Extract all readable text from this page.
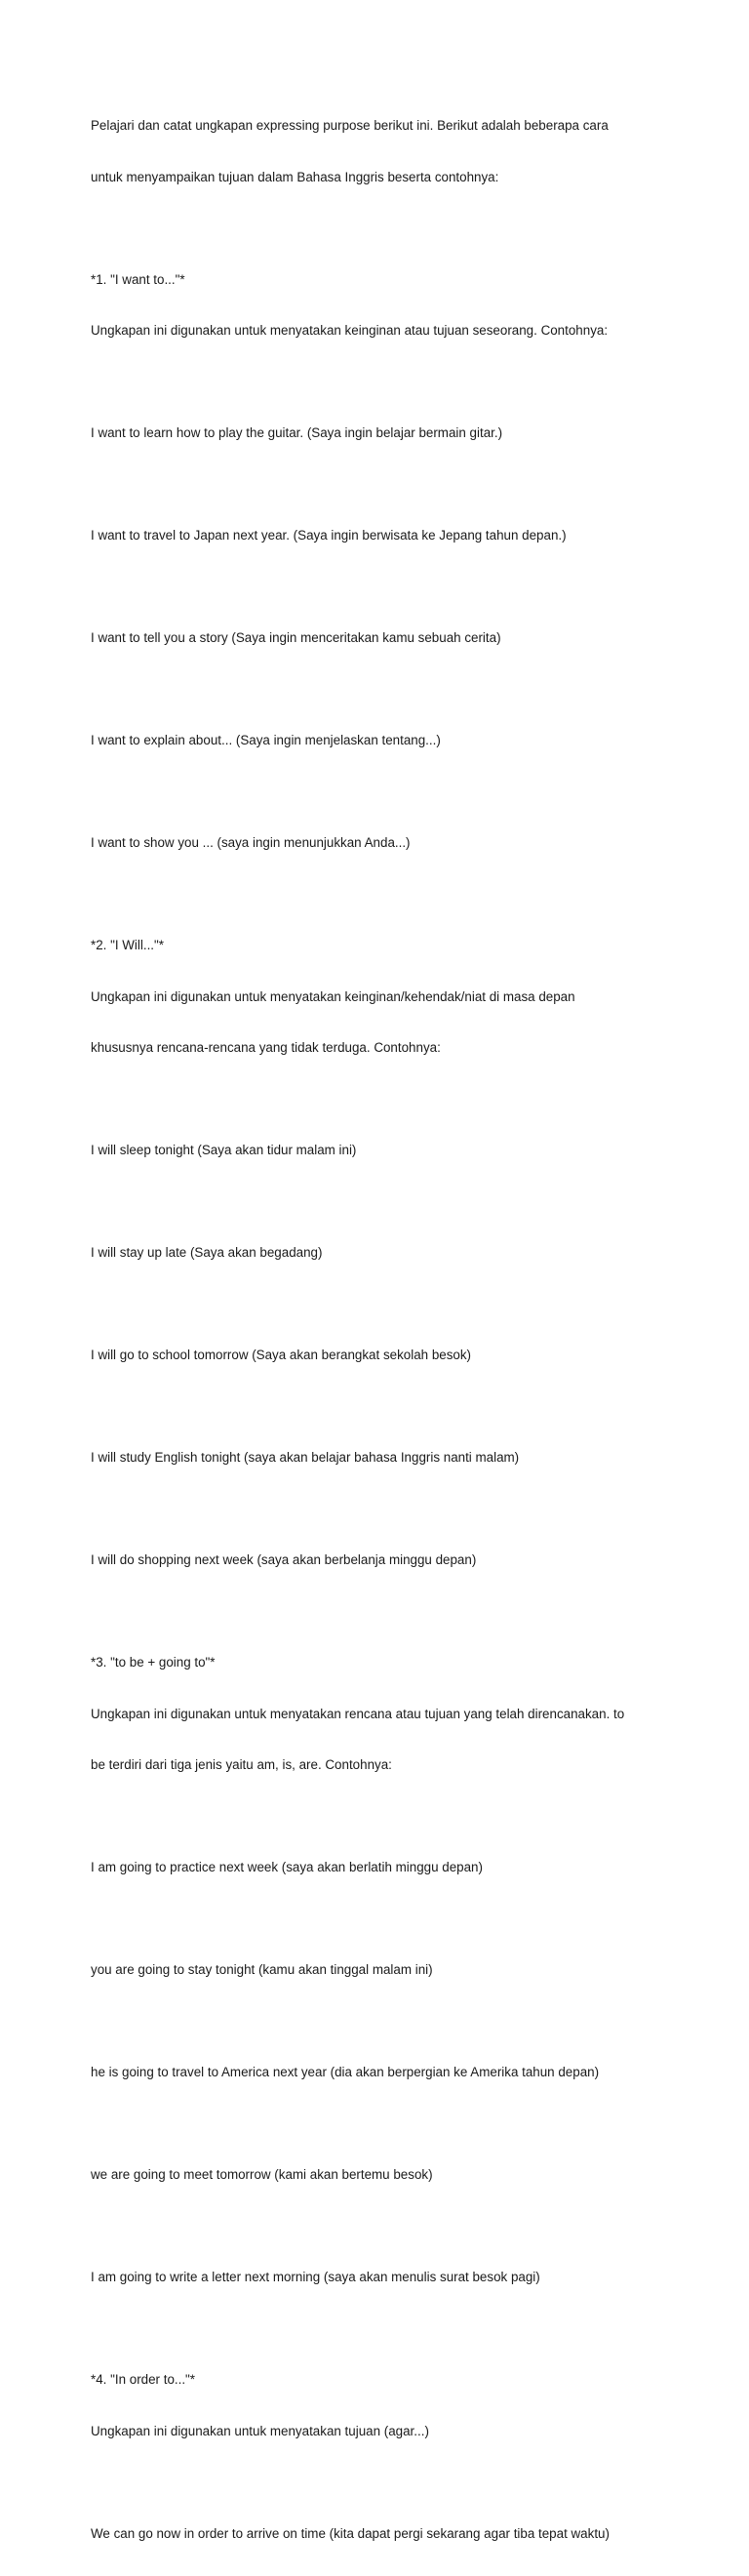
Pelajari dan catat ungkapan expressing purpose berikut ini. Berikut adalah beberapa cara

untuk menyampaikan tujuan dalam Bahasa Inggris beserta contohnya:

*1. "I want to..."*

Ungkapan ini digunakan untuk menyatakan keinginan atau tujuan seseorang. Contohnya:

I want to learn how to play the guitar. (Saya ingin belajar bermain gitar.)

I want to travel to Japan next year. (Saya ingin berwisata ke Jepang tahun depan.)

I want to tell you a story (Saya ingin menceritakan kamu sebuah cerita)

I want to explain about... (Saya ingin menjelaskan tentang...)

I want to show you ... (saya ingin menunjukkan Anda...)

*2. "I Will..."*

Ungkapan ini digunakan untuk menyatakan keinginan/kehendak/niat di masa depan

khususnya rencana-rencana yang tidak terduga. Contohnya:

I will sleep tonight (Saya akan tidur malam ini)

I will stay up late (Saya akan begadang)

I will go to school tomorrow (Saya akan berangkat sekolah besok)

I will study English tonight (saya akan belajar bahasa Inggris nanti malam)

I will do shopping next week (saya akan berbelanja minggu depan)

*3. "to be + going to"*

Ungkapan ini digunakan untuk menyatakan rencana atau tujuan yang telah direncanakan. to

be terdiri dari tiga jenis yaitu am, is, are. Contohnya:

I am going to practice next week (saya akan berlatih minggu depan)

you are going to stay tonight (kamu akan tinggal malam ini)

he is going to travel to America next year (dia akan berpergian ke Amerika tahun depan)

we are going to meet tomorrow (kami akan bertemu besok)

I am going to write a letter next morning (saya akan menulis surat besok pagi)

*4. "In order to..."*

Ungkapan ini digunakan untuk menyatakan tujuan (agar...)

We can go now in order to arrive on time (kita dapat pergi sekarang agar tiba tepat waktu)
